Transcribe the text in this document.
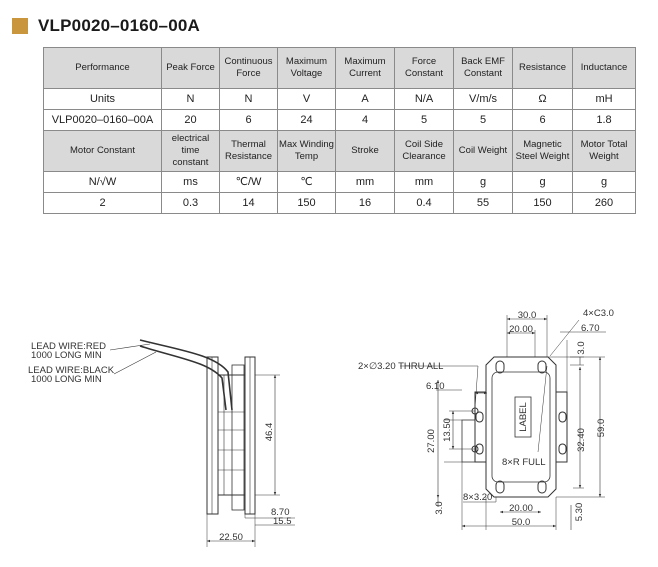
VLP0020–0160–00A
Performance	Peak Force	Continuous Force	Maximum Voltage	Maximum Current	Force Constant	Back EMF Constant	Resistance	Inductance
Units	N	N	V	A	N/A	V/m/s	Ω	mH
VLP0020–0160–00A	20	6	24	4	5	5	6	1.8
Motor Constant	electrical time constant	Thermal Resistance	Max Winding Temp	Stroke	Coil Side Clearance	Coil Weight	Magnetic Steel Weight	Motor Total Weight
N/√W	ms	℃/W	℃	mm	mm	g	g	g
2	0.3	14	150	16	0.4	55	150	260
LEAD WIRE:RED
1000 LONG MIN
LEAD WIRE:BLACK
1000 LONG MIN
46.4
8.70
15.5
22.50
30.0
20.00
4×C3.0
6.70
3.0
2×∅3.20 THRU ALL
6.10
13.50
27.00
LABEL
32.40
59.0
8×R FULL
8×3.20
3.0	20.00
50.0
5.30
